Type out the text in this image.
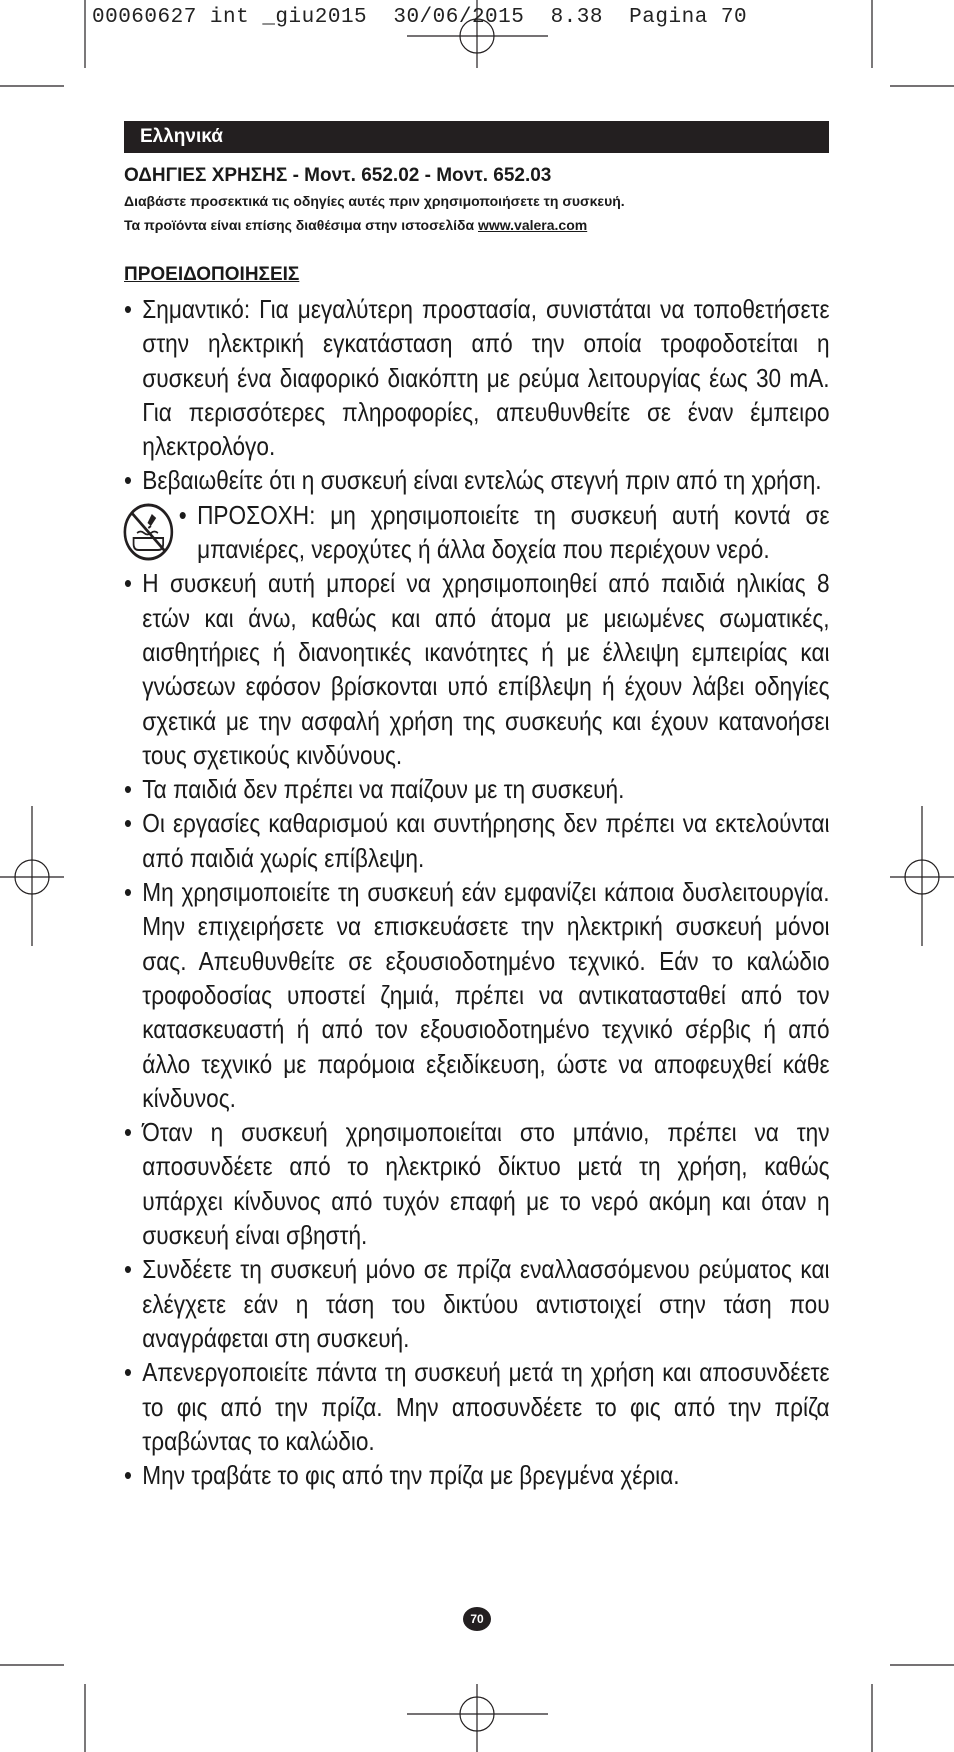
00060627 int _giu2015  30/06/2015  8.38  Pagina 70
Ελληνικά
ΟΔΗΓΙΕΣ ΧΡΗΣΗΣ - Μοντ. 652.02 - Μοντ. 652.03
Διαβάστε προσεκτικά τις οδηγίες αυτές πριν χρησιμοποιήσετε τη συσκευή.
Τα προϊόντα είναι επίσης διαθέσιμα στην ιστοσελίδα www.valera.com
ΠΡΟΕΙΔΟΠΟΙΗΣΕΙΣ
• Σημαντικό: Για μεγαλύτερη προστασία, συνιστάται να τοποθετήσετε στην ηλεκτρική εγκατάσταση από την οποία τροφοδοτείται η συσκευή ένα διαφορικό διακόπτη με ρεύμα λειτουργίας έως 30 mA. Για περισσότερες πληροφορίες, απευθυνθείτε σε έναν έμπειρο ηλεκτρολόγο.
• Βεβαιωθείτε ότι η συσκευή είναι εντελώς στεγνή πριν από τη χρήση.
• ΠΡΟΣΟΧΗ: μη χρησιμοποιείτε τη συσκευή αυτή κοντά σε μπανιέρες, νεροχύτες ή άλλα δοχεία που περιέχουν νερό.
• Η συσκευή αυτή μπορεί να χρησιμοποιηθεί από παιδιά ηλικίας 8 ετών και άνω, καθώς και από άτομα με μειωμένες σωματικές, αισθητήριες ή διανοητικές ικανότητες ή με έλλειψη εμπειρίας και γνώσεων εφόσον βρίσκονται υπό επίβλεψη ή έχουν λάβει οδηγίες σχετικά με την ασφαλή χρήση της συσκευής και έχουν κατανοήσει τους σχετικούς κινδύνους.
• Τα παιδιά δεν πρέπει να παίζουν με τη συσκευή.
• Οι εργασίες καθαρισμού και συντήρησης δεν πρέπει να εκτελούνται από παιδιά χωρίς επίβλεψη.
• Μη χρησιμοποιείτε τη συσκευή εάν εμφανίζει κάποια δυσλειτουργία. Μην επιχειρήσετε να επισκευάσετε την ηλεκτρική συσκευή μόνοι σας. Απευθυνθείτε σε εξουσιοδοτημένο τεχνικό. Εάν το καλώδιο τροφοδοσίας υποστεί ζημιά, πρέπει να αντικατασταθεί από τον κατασκευαστή ή από τον εξουσιοδοτημένο τεχνικό σέρβις ή από άλλο τεχνικό με παρόμοια εξειδίκευση, ώστε να αποφευχθεί κάθε κίνδυνος.
• Όταν η συσκευή χρησιμοποιείται στο μπάνιο, πρέπει να την αποσυνδέετε από το ηλεκτρικό δίκτυο μετά τη χρήση, καθώς υπάρχει κίνδυνος από τυχόν επαφή με το νερό ακόμη και όταν η συσκευή είναι σβηστή.
• Συνδέετε τη συσκευή μόνο σε πρίζα εναλλασσόμενου ρεύματος και ελέγχετε εάν η τάση του δικτύου αντιστοιχεί στην τάση που αναγράφεται στη συσκευή.
• Απενεργοποιείτε πάντα τη συσκευή μετά τη χρήση και αποσυνδέετε το φις από την πρίζα. Μην αποσυνδέετε το φις από την πρίζα τραβώντας το καλώδιο.
• Μην τραβάτε το φις από την πρίζα με βρεγμένα χέρια.
70
